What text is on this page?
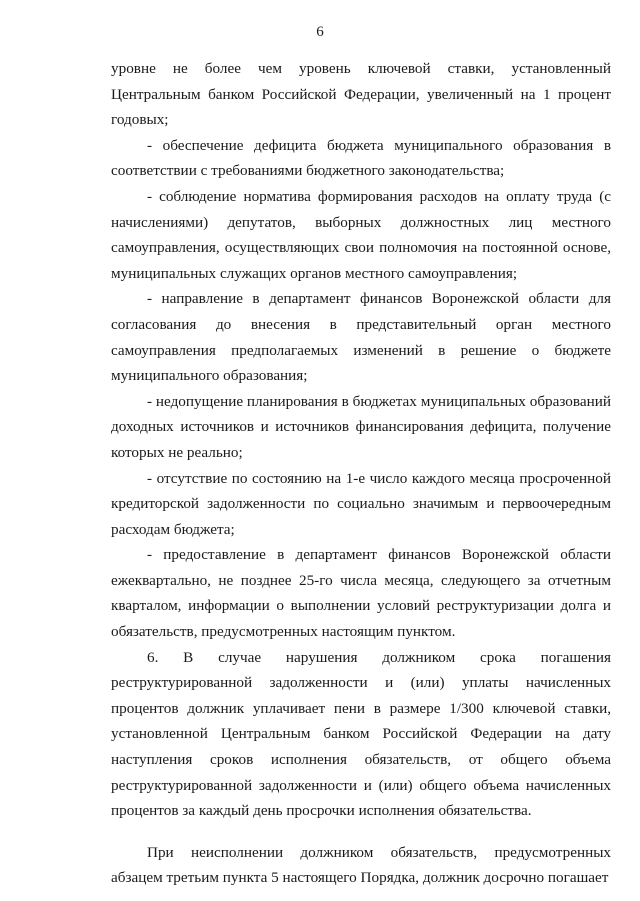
6

уровне не более чем уровень ключевой ставки, установленный Центральным банком Российской Федерации, увеличенный на 1 процент годовых;

- обеспечение дефицита бюджета муниципального образования в соответствии с требованиями бюджетного законодательства;

- соблюдение норматива формирования расходов на оплату труда (с начислениями) депутатов, выборных должностных лиц местного самоуправления, осуществляющих свои полномочия на постоянной основе, муниципальных служащих органов местного самоуправления;

- направление в департамент финансов Воронежской области для согласования до внесения в представительный орган местного самоуправления предполагаемых изменений в решение о бюджете муниципального образования;

- недопущение планирования в бюджетах муниципальных образований доходных источников и источников финансирования дефицита, получение которых не реально;

- отсутствие по состоянию на 1-е число каждого месяца просроченной кредиторской задолженности по социально значимым и первоочередным расходам бюджета;

- предоставление в департамент финансов Воронежской области ежеквартально, не позднее 25-го числа месяца, следующего за отчетным кварталом, информации о выполнении условий реструктуризации долга и обязательств, предусмотренных настоящим пунктом.

6. В случае нарушения должником срока погашения реструктурированной задолженности и (или) уплаты начисленных процентов должник уплачивает пени в размере 1/300 ключевой ставки, установленной Центральным банком Российской Федерации на дату наступления сроков исполнения обязательств, от общего объема реструктурированной задолженности и (или) общего объема начисленных процентов за каждый день просрочки исполнения обязательства.

При неисполнении должником обязательств, предусмотренных абзацем третьим пункта 5 настоящего Порядка, должник досрочно погашает
